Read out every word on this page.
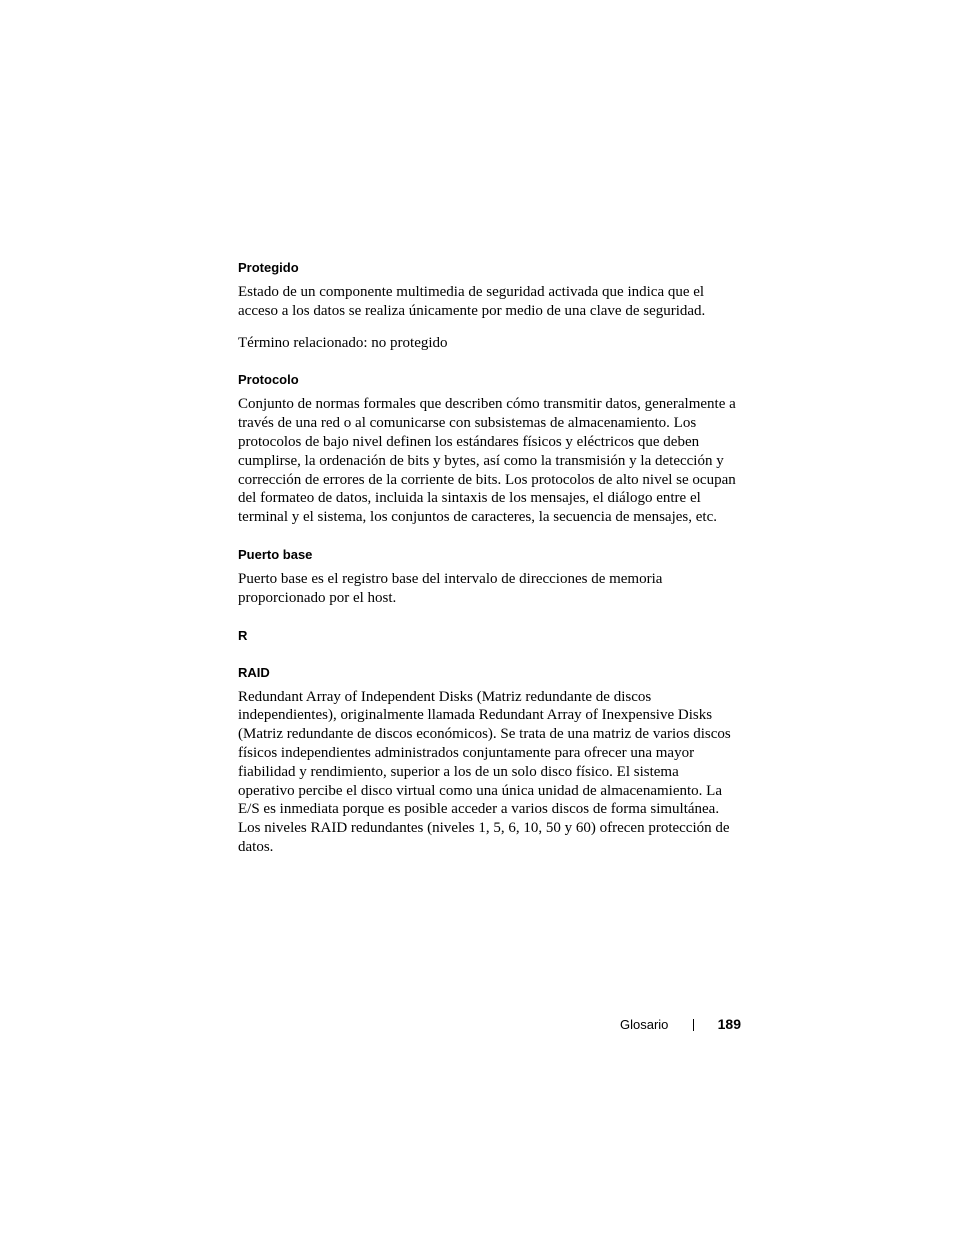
Protegido

Estado de un componente multimedia de seguridad activada que indica que el acceso a los datos se realiza únicamente por medio de una clave de seguridad.

Término relacionado: no protegido

Protocolo

Conjunto de normas formales que describen cómo transmitir datos, generalmente a través de una red o al comunicarse con subsistemas de almacenamiento. Los protocolos de bajo nivel definen los estándares físicos y eléctricos que deben cumplirse, la ordenación de bits y bytes, así como la transmisión y la detección y corrección de errores de la corriente de bits. Los protocolos de alto nivel se ocupan del formateo de datos, incluida la sintaxis de los mensajes, el diálogo entre el terminal y el sistema, los conjuntos de caracteres, la secuencia de mensajes, etc.

Puerto base

Puerto base es el registro base del intervalo de direcciones de memoria proporcionado por el host.

R
RAID

Redundant Array of Independent Disks (Matriz redundante de discos independientes), originalmente llamada Redundant Array of Inexpensive Disks (Matriz redundante de discos económicos). Se trata de una matriz de varios discos físicos independientes administrados conjuntamente para ofrecer una mayor fiabilidad y rendimiento, superior a los de un solo disco físico. El sistema operativo percibe el disco virtual como una única unidad de almacenamiento. La E/S es inmediata porque es posible acceder a varios discos de forma simultánea. Los niveles RAID redundantes (niveles 1, 5, 6, 10, 50 y 60) ofrecen protección de datos.

Glosario	189
